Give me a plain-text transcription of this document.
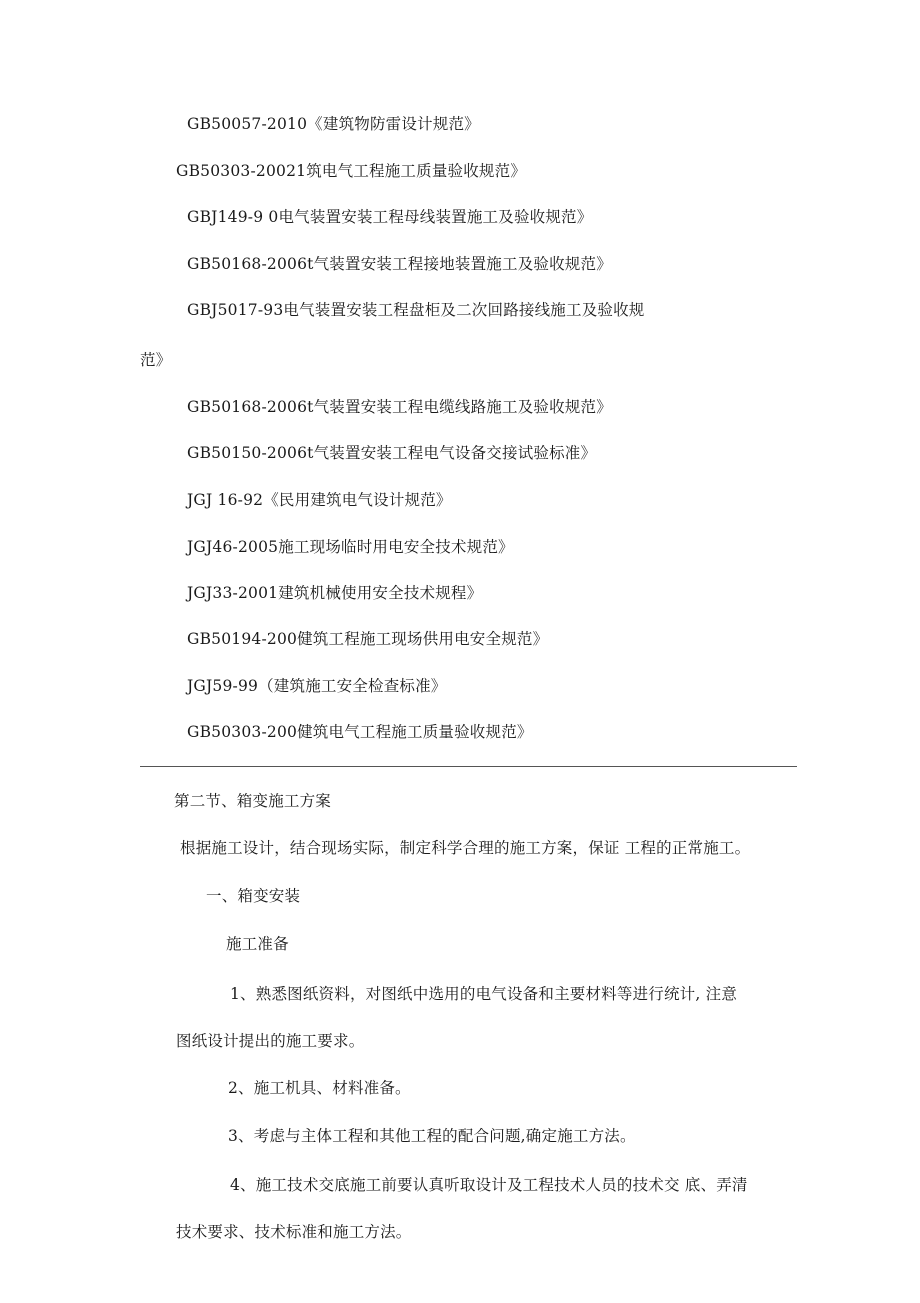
GB50057-2010《建筑物防雷设计规范》
GB50303-20021筑电气工程施工质量验收规范》
GBJ149-9 0电气装置安装工程母线装置施工及验收规范》
GB50168-2006t气装置安装工程接地装置施工及验收规范》
GBJ5017-93电气装置安装工程盘柜及二次回路接线施工及验收规
范》
GB50168-2006t气装置安装工程电缆线路施工及验收规范》
GB50150-2006t气装置安装工程电气设备交接试验标准》
JGJ 16-92《民用建筑电气设计规范》
JGJ46-2005施工现场临时用电安全技术规范》
JGJ33-2001建筑机械使用安全技术规程》
GB50194-200健筑工程施工现场供用电安全规范》
JGJ59-99（建筑施工安全检查标准》
GB50303-200健筑电气工程施工质量验收规范》
第二节、箱变施工方案
根据施工设计，结合现场实际，制定科学合理的施工方案，保证 工程的正常施工。
一、箱变安装
施工准备
1、熟悉图纸资料，对图纸中选用的电气设备和主要材料等进行统计, 注意
图纸设计提出的施工要求。
2、施工机具、材料准备。
3、考虑与主体工程和其他工程的配合问题,确定施工方法。
4、施工技术交底施工前要认真听取设计及工程技术人员的技术交 底、弄清
技术要求、技术标准和施工方法。
